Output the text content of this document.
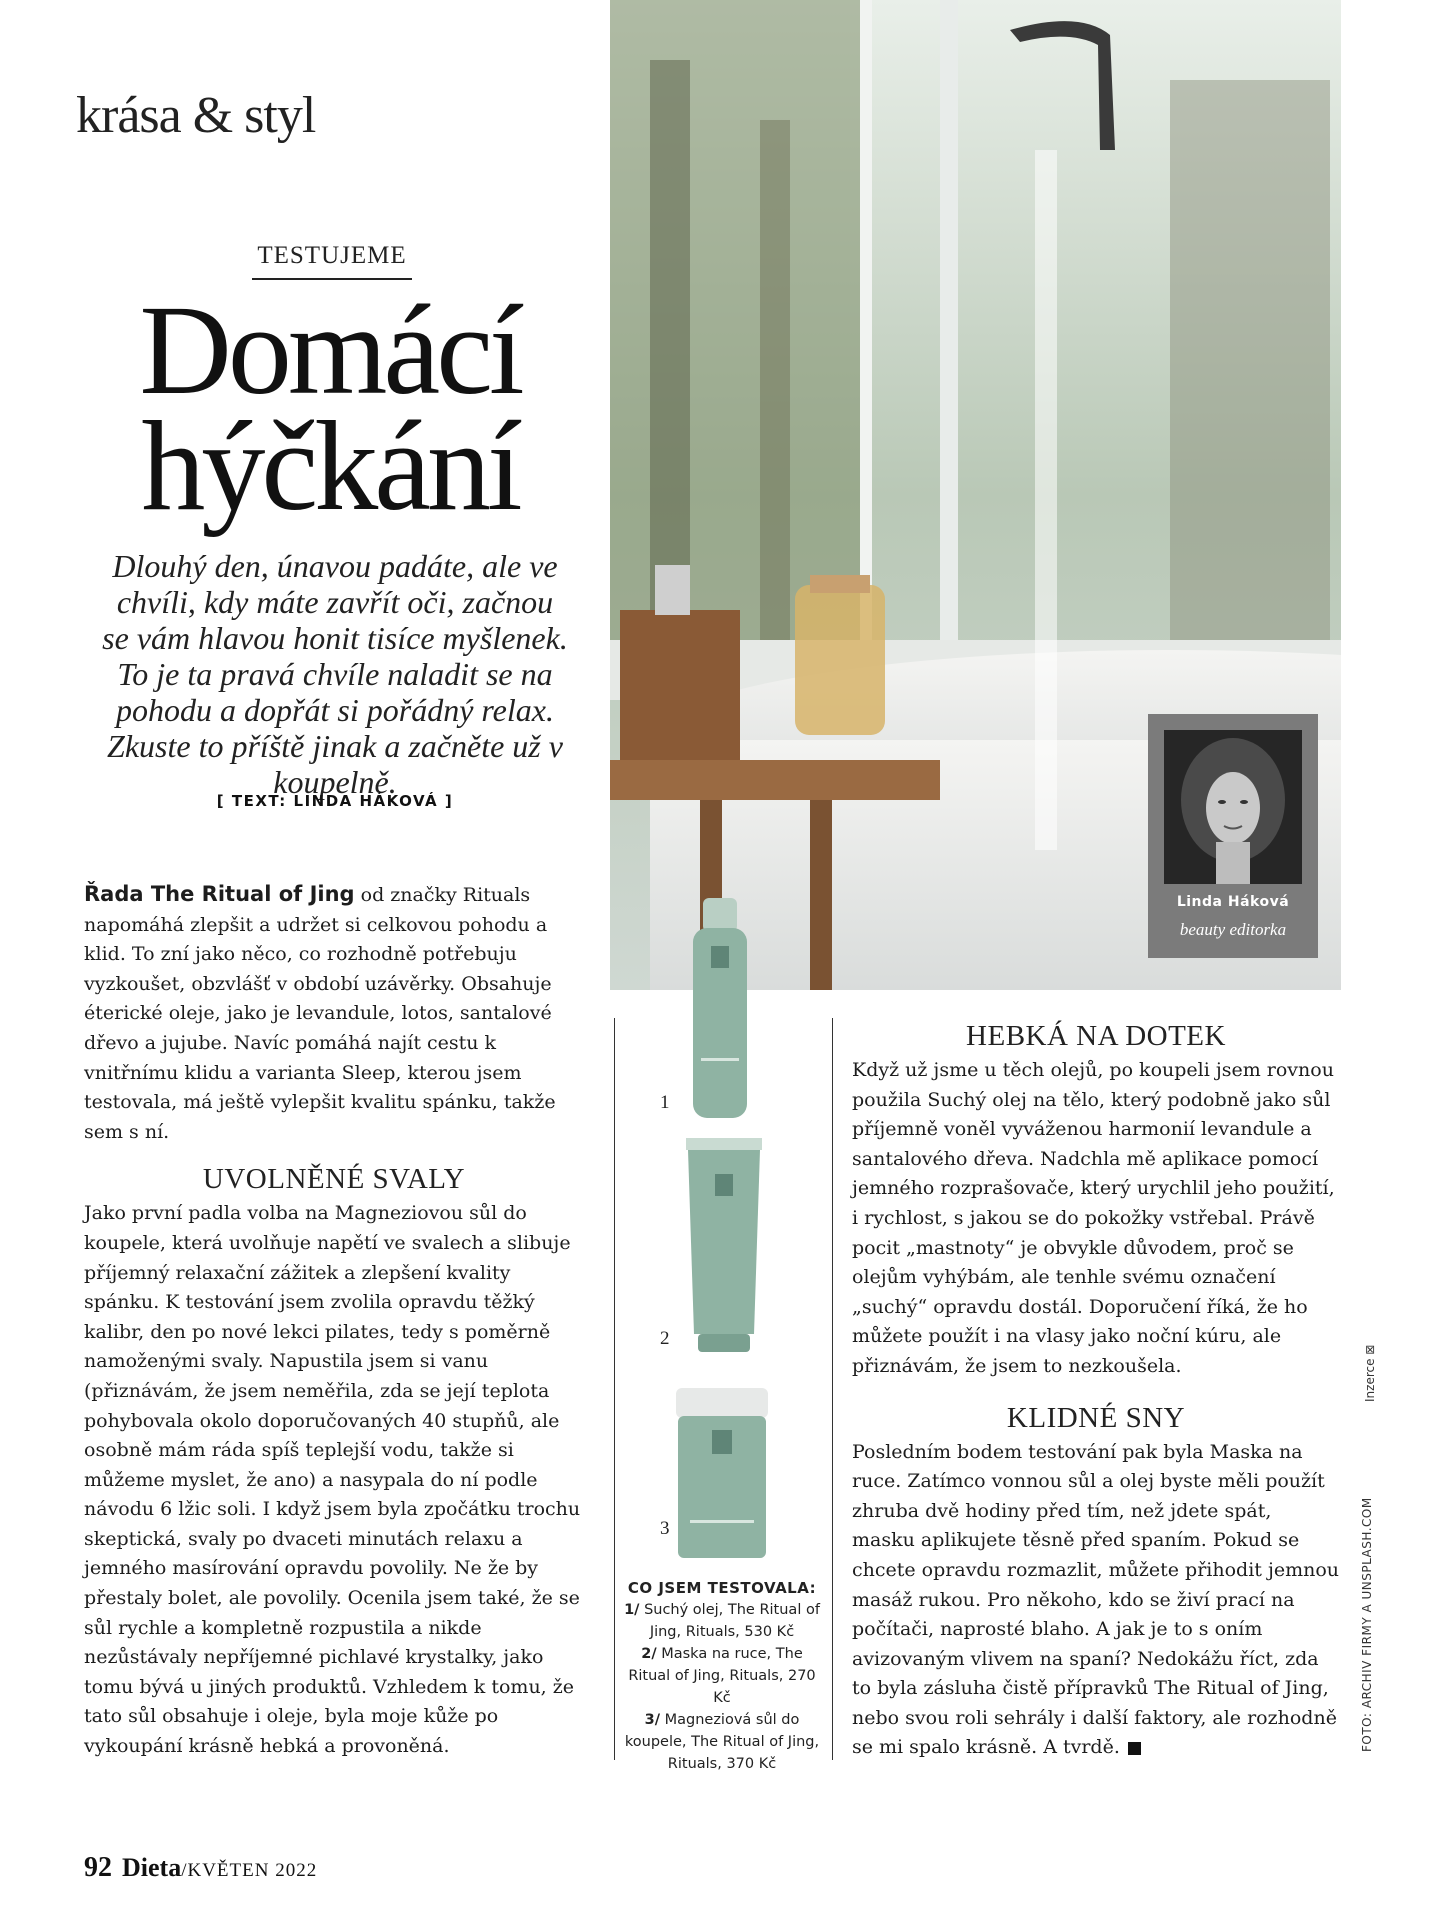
krása & styl
TESTUJEME
Domácí
hýčkání
Dlouhý den, únavou padáte, ale ve chvíli, kdy máte zavřít oči, začnou se vám hlavou honit tisíce myšlenek. To je ta pravá chvíle naladit se na pohodu a dopřát si pořádný relax. Zkuste to příště jinak a začněte už v koupelně.
[ TEXT: LINDA HÁKOVÁ ]
Linda Háková
beauty editorka
1
2
3
CO JSEM TESTOVALA:
1/ Suchý olej, The Ritual of Jing, Rituals, 530 Kč
2/ Maska na ruce, The Ritual of Jing, Rituals, 270 Kč
3/ Magneziová sůl do koupele, The Ritual of Jing, Rituals, 370 Kč

Řada The Ritual of Jing od značky Rituals napomáhá zlepšit a udržet si celkovou pohodu a klid. To zní jako něco, co rozhodně potřebuju vyzkoušet, obzvlášť v období uzávěrky. Obsahuje éterické oleje, jako je levandule, lotos, santalové dřevo a jujube. Navíc pomáhá najít cestu k vnitřnímu klidu a varianta Sleep, kterou jsem testovala, má ještě vylepšit kvalitu spánku, takže sem s ní.

UVOLNĚNÉ SVALY

Jako první padla volba na Magneziovou sůl do koupele, která uvolňuje napětí ve svalech a slibuje příjemný relaxační zážitek a zlepšení kvality spánku. K testování jsem zvolila opravdu těžký kalibr, den po nové lekci pilates, tedy s poměrně namoženými svaly. Napustila jsem si vanu (přiznávám, že jsem neměřila, zda se její teplota pohybovala okolo doporučovaných 40 stupňů, ale osobně mám ráda spíš teplejší vodu, takže si můžeme myslet, že ano) a nasypala do ní podle návodu 6 lžic soli. I když jsem byla zpočátku trochu skeptická, svaly po dvaceti minutách relaxu a jemného masírování opravdu povolily. Ne že by přestaly bolet, ale povolily. Ocenila jsem také, že se sůl rychle a kompletně rozpustila a nikde nezůstávaly nepříjemné pichlavé krystalky, jako tomu bývá u jiných produktů. Vzhledem k tomu, že tato sůl obsahuje i oleje, byla moje kůže po vykoupání krásně hebká a provoněná.

HEBKÁ NA DOTEK

Když už jsme u těch olejů, po koupeli jsem rovnou použila Suchý olej na tělo, který podobně jako sůl příjemně voněl vyváženou harmonií levandule a santalového dřeva. Nadchla mě aplikace pomocí jemného rozprašovače, který urychlil jeho použití, i rychlost, s jakou se do pokožky vstřebal. Právě pocit „mastnoty“ je obvykle důvodem, proč se olejům vyhýbám, ale tenhle svému označení „suchý“ opravdu dostál. Doporučení říká, že ho můžete použít i na vlasy jako noční kúru, ale přiznávám, že jsem to nezkoušela.

KLIDNÉ SNY

Posledním bodem testování pak byla Maska na ruce. Zatímco vonnou sůl a olej byste měli použít zhruba dvě hodiny před tím, než jdete spát, masku aplikujete těsně před spaním. Pokud se chcete opravdu rozmazlit, můžete přihodit jemnou masáž rukou. Pro někoho, kdo se živí prací na počítači, naprosté blaho. A jak je to s oním avizovaným vlivem na spaní? Nedokážu říct, zda to byla zásluha čistě přípravků The Ritual of Jing, nebo svou roli sehrály i další faktory, ale rozhodně se mi spalo krásně. A tvrdě.

Inzerce ⊠
FOTO: ARCHIV FIRMY A UNSPLASH.COM
92 Dieta/KVĚTEN 2022
